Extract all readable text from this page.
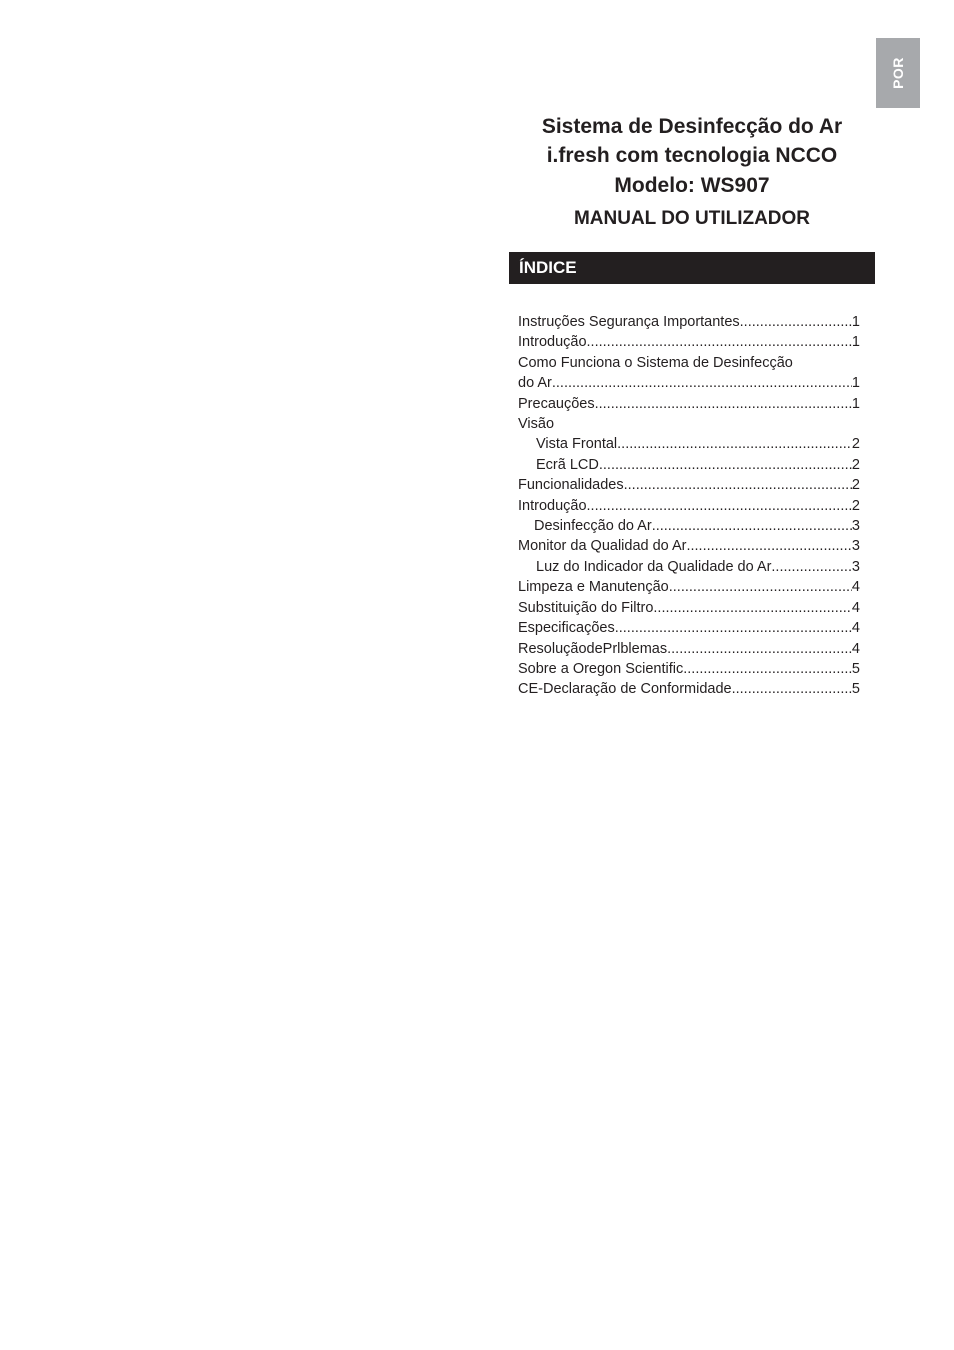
POR
Sistema de Desinfecção do Ar
i.fresh com tecnologia NCCO
Modelo: WS907
MANUAL DO UTILIZADOR
ÍNDICE
Instruções Segurança Importantes .....	1
Introdução .....	1
Como Funciona o Sistema de Desinfecção
do Ar .....	1
Precauções .....	1
Visão
Vista Frontal .....	2
Ecrã LCD .....	2
Funcionalidades .....	2
Introdução .....	2
Desinfecção do Ar .....	3
Monitor da Qualidad do Ar .....	3
Luz do Indicador da Qualidade do Ar .....	3
Limpeza e Manutenção .....	4
Substituição do Filtro .....	4
Especificações .....	4
ResoluçãodePrlblemas .....	4
Sobre a Oregon Scientific .....	5
CE-Declaração de Conformidade .....	5
